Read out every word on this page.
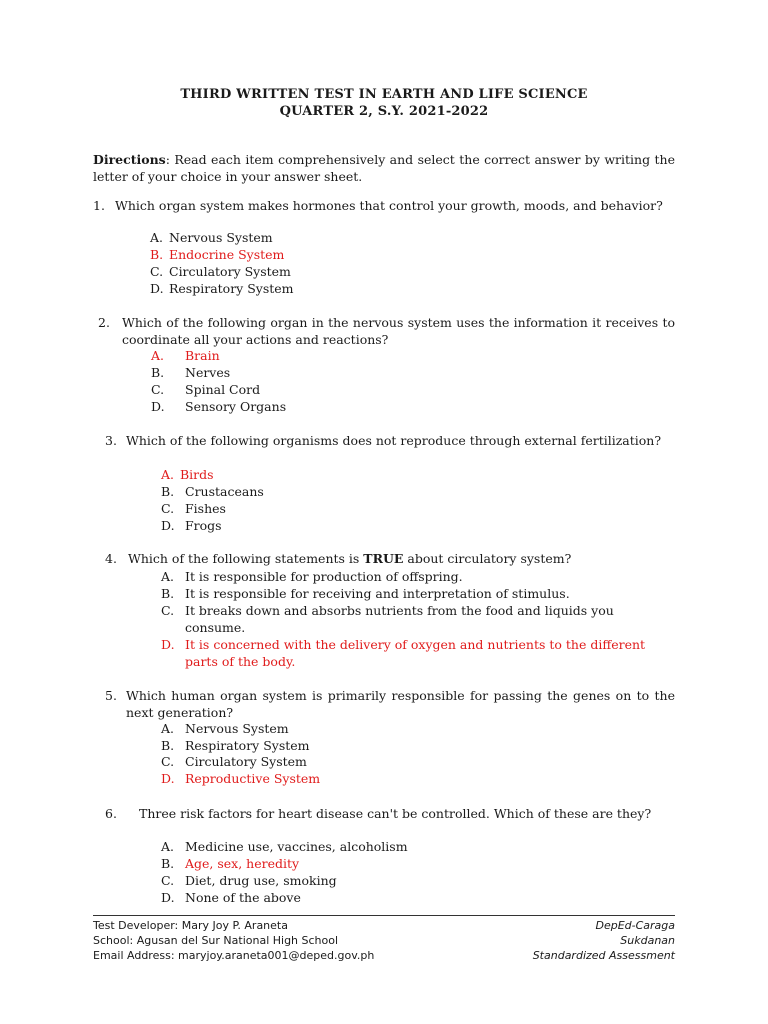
THIRD WRITTEN TEST IN EARTH AND LIFE SCIENCE
QUARTER 2, S.Y. 2021-2022
Directions: Read each item comprehensively and select the correct answer by writing the letter of your choice in your answer sheet.
1. Which organ system makes hormones that control your growth, moods, and behavior?
A. Nervous System
B. Endocrine System
C. Circulatory System
D. Respiratory System
2. Which of the following organ in the nervous system uses the information it receives to coordinate all your actions and reactions?
A. Brain
B. Nerves
C. Spinal Cord
D. Sensory Organs
3. Which of the following organisms does not reproduce through external fertilization?
A. Birds
B. Crustaceans
C. Fishes
D. Frogs
4. Which of the following statements is TRUE about circulatory system?
A. It is responsible for production of offspring.
B. It is responsible for receiving and interpretation of stimulus.
C. It breaks down and absorbs nutrients from the food and liquids you
consume.
D. It is concerned with the delivery of oxygen and nutrients to the different
parts of the body.
5. Which human organ system is primarily responsible for passing the genes on to the next generation?
A. Nervous System
B. Respiratory System
C. Circulatory System
D. Reproductive System
6. Three risk factors for heart disease can't be controlled. Which of these are they?
A. Medicine use, vaccines, alcoholism
B. Age, sex, heredity
C. Diet, drug use, smoking
D. None of the above
Test Developer: Mary Joy P. Araneta
School: Agusan del Sur National High School
Email Address: maryjoy.araneta001@deped.gov.ph
DepEd-Caraga
Sukdanan
Standardized Assessment
